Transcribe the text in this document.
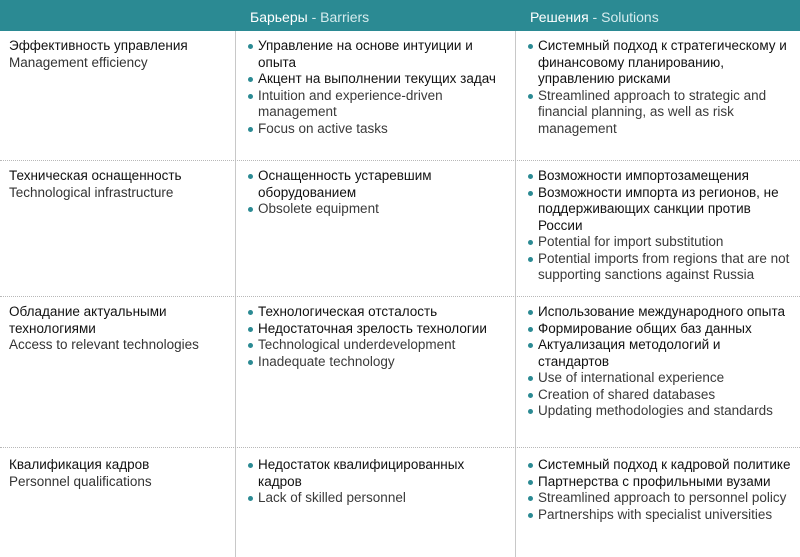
Барьеры - Barriers	Решения - Solutions
Эффективность управления
Management efficiency
Управление на основе интуиции и опыта
Акцент на выполнении текущих задач
Intuition and experience-driven management
Focus on active tasks
Системный подход к стратегическому и финансовому планированию, управлению рисками
Streamlined approach to strategic and financial planning, as well as risk management
Техническая оснащенность
Technological infrastructure
Оснащенность устаревшим оборудованием
Obsolete equipment
Возможности импортозамещения
Возможности импорта из регионов, не поддерживающих санкции против России
Potential for import substitution
Potential imports from regions that are not supporting sanctions against Russia
Обладание актуальными технологиями
Access to relevant technologies
Технологическая отсталость
Недостаточная зрелость технологии
Technological underdevelopment
Inadequate technology
Использование международного опыта
Формирование общих баз данных
Актуализация методологий и стандартов
Use of international experience
Creation of shared databases
Updating methodologies and standards
Квалификация кадров
Personnel qualifications
Недостаток квалифицированных кадров
Lack of skilled personnel
Системный подход к кадровой политике
Партнерства с профильными вузами
Streamlined approach to personnel policy
Partnerships with specialist universities
